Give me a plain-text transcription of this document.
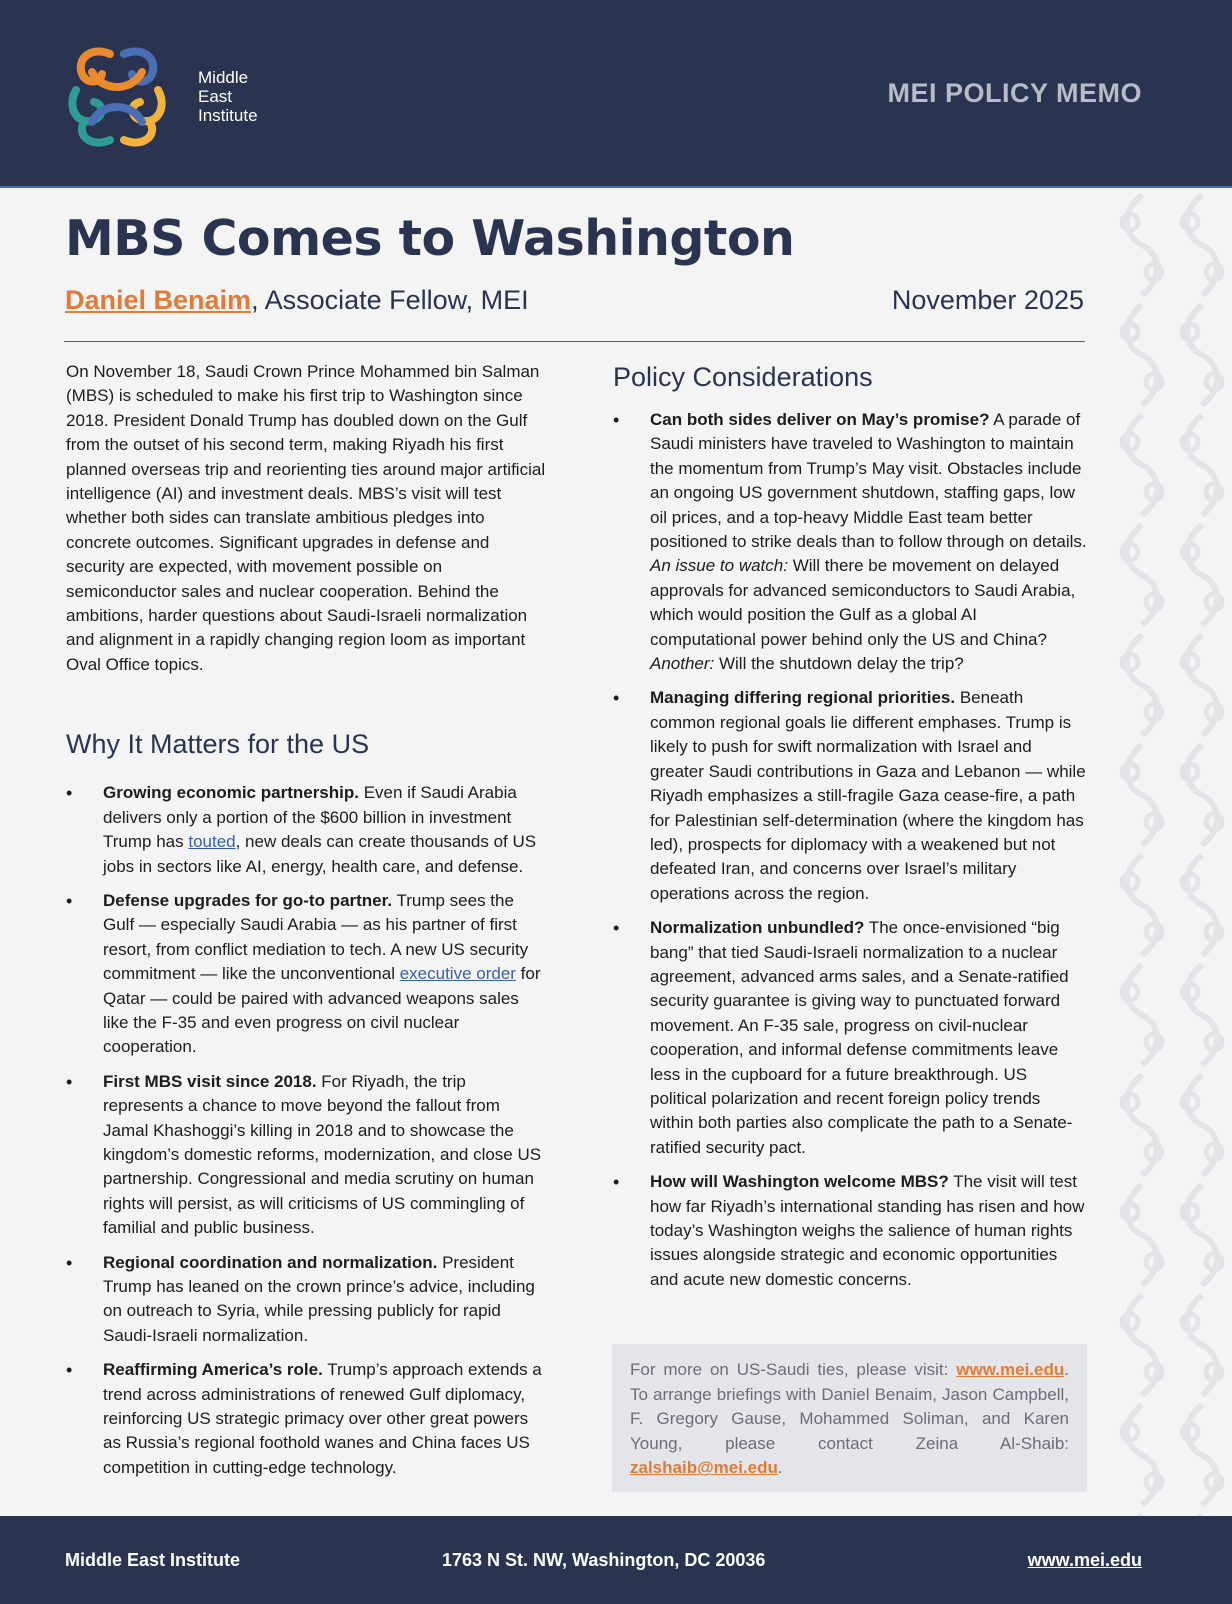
Middle
East
Institute
MEI POLICY MEMO
MBS Comes to Washington
Daniel Benaim, Associate Fellow, MEI	November 2025

On November 18, Saudi Crown Prince Mohammed bin Salman (MBS) is scheduled to make his first trip to Washington since 2018. President Donald Trump has doubled down on the Gulf from the outset of his second term, making Riyadh his first planned overseas trip and reorienting ties around major artificial intelligence (AI) and investment deals. MBS’s visit will test whether both sides can translate ambitious pledges into concrete outcomes. Significant upgrades in defense and security are expected, with movement possible on semiconductor sales and nuclear cooperation. Behind the ambitions, harder questions about Saudi-Israeli normalization and alignment in a rapidly changing region loom as important Oval Office topics.

Why It Matters for the US
• Growing economic partnership. Even if Saudi Arabia delivers only a portion of the $600 billion in investment Trump has touted, new deals can create thousands of US jobs in sectors like AI, energy, health care, and defense.
• Defense upgrades for go-to partner. Trump sees the Gulf — especially Saudi Arabia — as his partner of first resort, from conflict mediation to tech. A new US security commitment — like the unconventional executive order for Qatar — could be paired with advanced weapons sales like the F-35 and even progress on civil nuclear cooperation.
• First MBS visit since 2018. For Riyadh, the trip represents a chance to move beyond the fallout from Jamal Khashoggi’s killing in 2018 and to showcase the kingdom’s domestic reforms, modernization, and close US partnership. Congressional and media scrutiny on human rights will persist, as will criticisms of US commingling of familial and public business.
• Regional coordination and normalization. President Trump has leaned on the crown prince’s advice, including on outreach to Syria, while pressing publicly for rapid Saudi-Israeli normalization.
• Reaffirming America’s role. Trump’s approach extends a trend across administrations of renewed Gulf diplomacy, reinforcing US strategic primacy over other great powers as Russia’s regional foothold wanes and China faces US competition in cutting-edge technology.
Policy Considerations
• Can both sides deliver on May’s promise? A parade of Saudi ministers have traveled to Washington to maintain the momentum from Trump’s May visit. Obstacles include an ongoing US government shutdown, staffing gaps, low oil prices, and a top-heavy Middle East team better positioned to strike deals than to follow through on details. An issue to watch: Will there be movement on delayed approvals for advanced semiconductors to Saudi Arabia, which would position the Gulf as a global AI computational power behind only the US and China? Another: Will the shutdown delay the trip?
• Managing differing regional priorities. Beneath common regional goals lie different emphases. Trump is likely to push for swift normalization with Israel and greater Saudi contributions in Gaza and Lebanon — while Riyadh emphasizes a still-fragile Gaza cease-fire, a path for Palestinian self-determination (where the kingdom has led), prospects for diplomacy with a weakened but not defeated Iran, and concerns over Israel’s military operations across the region.
• Normalization unbundled? The once-envisioned “big bang” that tied Saudi-Israeli normalization to a nuclear agreement, advanced arms sales, and a Senate-ratified security guarantee is giving way to punctuated forward movement. An F-35 sale, progress on civil-nuclear cooperation, and informal defense commitments leave less in the cupboard for a future breakthrough. US political polarization and recent foreign policy trends within both parties also complicate the path to a Senate-ratified security pact.
• How will Washington welcome MBS? The visit will test how far Riyadh’s international standing has risen and how today’s Washington weighs the salience of human rights issues alongside strategic and economic opportunities and acute new domestic concerns.
For more on US-Saudi ties, please visit: www.mei.edu. To arrange briefings with Daniel Benaim, Jason Campbell, F. Gregory Gause, Mohammed Soliman, and Karen Young, please contact Zeina Al-Shaib: zalshaib@mei.edu.
Middle East Institute	1763 N St. NW, Washington, DC 20036	www.mei.edu
